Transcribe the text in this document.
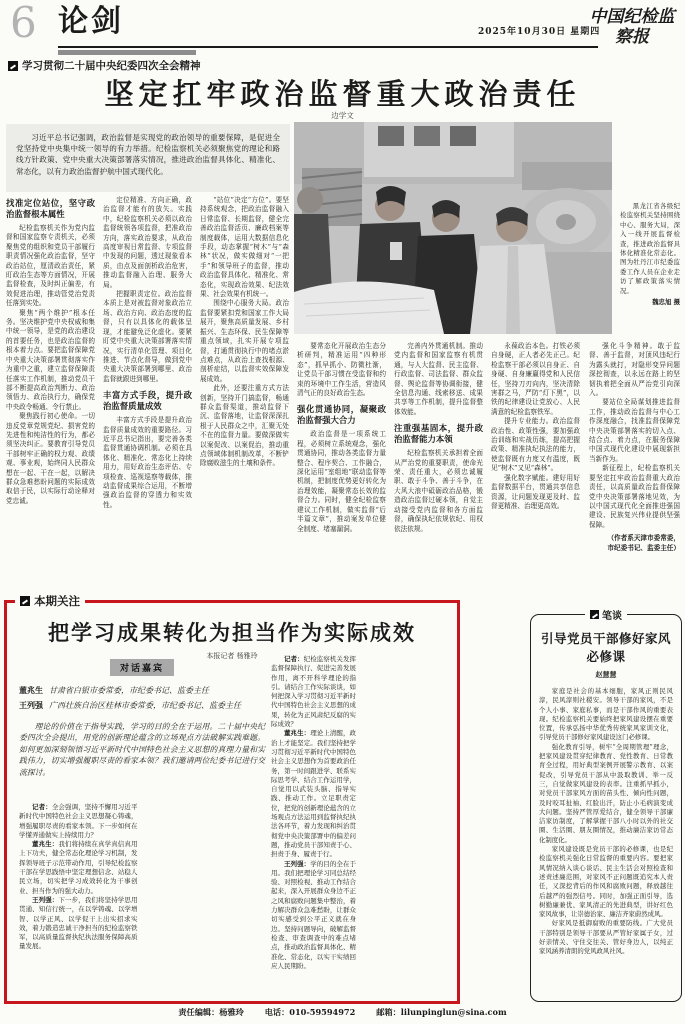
6 论剑	2025年10月30日 星期四
中国纪检监察报
学习贯彻二十届中央纪委四次全会精神
坚定扛牢政治监督重大政治责任
边学文

习近平总书记强调，政治监督是实现党的政治领导的重要保障，是促进全党坚持党中央集中统一领导的有力举措。纪检监察机关必须聚焦党的理论和路线方针政策、党中央重大决策部署落实情况，推进政治监督具体化、精准化、常态化，以有力政治监督护航中国式现代化。

黑龙江省各级纪检监察机关坚持围绕中心、服务大局，深入一线开展监督检查，推进政治监督具体化精准化常态化。图为牡丹江市纪委监委工作人员在企业走访了解政策落实情况。

魏忠旭 摄

找准定位站位，坚守政治监督根本属性

纪检监察机关作为党内监督和国家监察专责机关，必须聚焦党的组织和党员干部履行职责情况强化政治监督，坚守政治站位，厘清政治责任，紧盯政治生态等方面情况，开展监督检查，及时纠正偏差，有效促进治理，推动管党治党责任落到实处。

聚焦“两个维护”根本任务。坚决维护党中央权威和集中统一领导，是党的政治建设的首要任务，也是政治监督的根本着力点。要把监督保障党中央重大决策部署贯彻落实作为重中之重，建立监督保障责任落实工作机制，推动党员干部不断提高政治判断力、政治领悟力、政治执行力，确保党中央政令畅通、令行禁止。

聚焦践行初心使命。一切违反党章党规党纪、损害党的先进性和纯洁性的行为，都必须坚决纠正。要教育引导党员干部树牢正确的权力观、政绩观、事业观，始终同人民群众想在一起、干在一起，以解决群众急难愁盼问题的实际成效取信于民，以实际行动诠释对党忠诚。

定位精准、方向正确，政治监督才能有的放矢。实践中，纪检监察机关必须以政治监督统领各项监督，把准政治方向，落实政治要求，从政治高度审视日常监督、专项监督中发现的问题，透过现象看本质，由点及面剖析政治危害，推动监督融入治理、服务大局。

把握职责定位。政治监督本质上是对被监督对象政治立场、政治方向、政治态度的监督，只有以具体化的载体呈现，才能避免泛化虚化。要紧盯党中央重大决策部署落实情况，实行清单化管理、项目化推进、节点化督导，做到党中央重大决策部署到哪里、政治监督就跟进到哪里。

丰富方式手段，提升政治监督质量成效

丰富方式手段是提升政治监督质量成效的重要路径。习近平总书记指出，要完善各类监督贯通协调机制。必须在具体化、精准化、常态化上持续用力，用好政治生态评估、专项检查、巡视巡察等载体，推动监督成果综合运用，不断增强政治监督的穿透力和实效性。

“站位”决定“方位”。要坚持系统观念，把政治监督融入日常监督、长期监督，健全完善政治监督活页、廉政档案等制度载体，运用大数据信息化手段，动态掌握“树木”与“森林”状况，做实做细对“一把手”和领导班子的监督，推动政治监督具体化、精准化、常态化，实现政治效果、纪法效果、社会效果有机统一。

围绕中心服务大局。政治监督要紧扣党和国家工作大局展开，聚焦高质量发展、乡村振兴、生态环保、民生保障等重点领域，扎实开展专项监督，打通贯彻执行中的堵点淤点难点，从政治上查找根源、剖析症结，以监督实效保障发展成效。

此外，还要注重方式方法创新，坚持开门搞监督，畅通群众监督渠道，推动监督下沉、监督落地，让监督深深扎根于人民群众之中，汇聚无处不在的监督力量。要做深做实以案促改、以案促治，推动重点领域体制机制改革，不断铲除腐败滋生的土壤和条件。

要常态化开展政治生态分析研判，精准运用“四种形态”，抓早抓小、防微杜渐，让党员干部习惯在受监督和约束的环境中工作生活，营造风清气正的良好政治生态。

强化贯通协同，凝聚政治监督强大合力

政治监督是一项系统工程，必须树立系统观念，强化贯通协同，推动各类监督力量整合、程序契合、工作融合，深化运用“室组地”联动监督等机制，把制度优势更好转化为治理效能，凝聚常态长效的监督合力。同时，健全纪检监察建议工作机制，做实监督“后半篇文章”，推动案发单位健全制度、堵塞漏洞。

完善内外贯通机制。推动党内监督和国家监察有机贯通，与人大监督、民主监督、行政监督、司法监督、群众监督、舆论监督等协调衔接，健全信息沟通、线索移送、成果共享等工作机制，提升监督整体效能。

注重强基固本，提升政治监督能力本领

纪检监察机关承担着全面从严治党的重要职责，使命光荣、责任重大，必须忠诚履职、敢于斗争、善于斗争，在大风大浪中砥砺政治品格，锻造政治监督过硬本领，自觉主动接受党内监督和各方面监督，确保执纪依规依纪、用权依法依规。

永葆政治本色。打铁必须自身硬，正人者必先正己。纪检监察干部必须以自身正、自身硬、自身廉赢得党和人民信任，坚持刀刃向内，坚决清除害群之马，严防“灯下黑”，以铁的纪律建设让党放心、人民满意的纪检监察铁军。

提升专业能力。政治监督政治性、政策性强，要加强政治训练和实战历练，提高把握政策、精准执纪执法的能力，使监督既有力度又有温度，既见“树木”又见“森林”。

强化数字赋能。建好用好监督数据平台，贯通共享信息资源，让问题发现更及时、监督更精准、治理更高效。

强化斗争精神。敢于监督、善于监督，对顶风违纪行为露头就打，对隐形变异问题深挖彻查，以永远在路上的坚韧执着把全面从严治党引向深入。

要站位全局谋划推进监督工作，推动政治监督与中心工作深度融合，找准监督保障党中央决策部署落实的切入点、结合点、着力点，在服务保障中国式现代化建设中展现新担当新作为。

新征程上，纪检监察机关要坚定扛牢政治监督重大政治责任，以高质量政治监督保障党中央决策部署落地见效，为以中国式现代化全面推进强国建设、民族复兴伟业提供坚强保障。

（作者系天津市委常委，市纪委书记、监委主任）

本期关注
把学习成果转化为担当作为实际成效
本报记者 杨雅玲
对话嘉宾
董兆生 甘肃省白银市委常委，市纪委书记、监委主任
王列强 广西壮族自治区桂林市委常委，市纪委书记、监委主任

理论的价值在于指导实践，学习的目的全在于运用。二十届中央纪委四次全会提出，用党的创新理论蕴含的立场观点方法破解实践难题。如何更加深刻领悟习近平新时代中国特色社会主义思想的真理力量和实践伟力，切实增强履职尽责的看家本领？我们邀请两位纪委书记进行交流探讨。

记者：纪检监察机关发挥监督保障执行、促进完善发展作用，离不开科学理论的指引。请结合工作实际谈谈，如何把深入学习贯彻习近平新时代中国特色社会主义思想的成果，转化为正风肃纪反腐的实际成效？

董兆生：理论上清醒，政治上才能坚定。我们坚持把学习贯彻习近平新时代中国特色社会主义思想作为首要政治任务，第一时间跟进学、联系实际思考学、结合工作运用学，自觉用以武装头脑、指导实践、推动工作。立足职责定位，把党的创新理论蕴含的立场观点方法运用到监督执纪执法各环节，着力发现和纠治贯彻党中央决策部署中的偏差问题，推动党员干部知责于心、担责于身、履责于行。

王列强：学的目的全在于用。我们把理论学习同总结经验、对照检视、推动工作结合起来，深入开展群众身边不正之风和腐败问题集中整治，着力解决群众急难愁盼，让群众切实感受到公平正义就在身边。坚持问题导向，破解监督检查、审查调查中的难点堵点，推动政治监督具体化、精准化、常态化，以实干实绩回应人民期盼。

记者：全会强调，坚持不懈用习近平新时代中国特色社会主义思想凝心铸魂，增强履职尽责的看家本领。下一步如何在学懂弄通做实上持续用力？

董兆生：我们将持续在真学真信真用上下功夫，健全常态化理论学习机制，发挥领导班子示范带动作用，引导纪检监察干部在学思践悟中坚定理想信念、站稳人民立场，切实把学习成效转化为干事创业、担当作为的强大动力。

王列强：下一步，我们将坚持学思用贯通、知信行统一，在以学铸魂、以学增智、以学正风、以学促干上出实招求实效，着力锻造忠诚干净担当的纪检监察铁军，以高质量监督执纪执法服务保障高质量发展。

笔谈
引导党员干部修好家风必修课
赵慧慧

家庭是社会的基本细胞，家风正则民风淳，民风淳则社稷安。领导干部的家风，不是个人小事、家庭私事，而是干部作风的重要表现。纪检监察机关要始终把家风建设摆在重要位置，传承弘扬中华优秀传统家风家训文化，引导党员干部修好家风建设这门必修课。

强化教育引导，树牢“全周期管理”理念，把家风建设贯穿纪律教育、党性教育、日常教育全过程，用好典型案例开展警示教育、以案促改，引导党员干部从中汲取教训、举一反三，自觉做家风建设的表率。注重抓早抓小，对党员干部家风方面的苗头性、倾向性问题，及时咬耳扯袖、红脸出汗，防止小毛病演变成大问题。坚持严管厚爱结合，健全领导干部廉洁家访制度，了解掌握干部八小时以外的社交圈、生活圈、朋友圈情况，推动廉洁家访常态化制度化。

家风建设既是党员干部的必修课，也是纪检监察机关强化日常监督的重要内容。要把家风情况纳入谈心谈话、民主生活会对照检查和述责述廉范围，对家风不正问题既追究本人责任，又深挖背后的作风和腐败问题，释放越往后越严的强烈信号。同时，加强正面引导，选树勤廉兼优、家风清正的先进典型，讲好红色家风故事，让崇德治家、廉洁齐家蔚然成风。

好家风是抵御腐败的重要防线。广大党员干部特别是领导干部要从严管好家属子女，过好亲情关、守住交往关、管好身边人，以纯正家风涵养清朗的党风政风社风。

责任编辑：杨雅玲	电话：010-59594972	邮箱：lilunpinglun@sina.com
